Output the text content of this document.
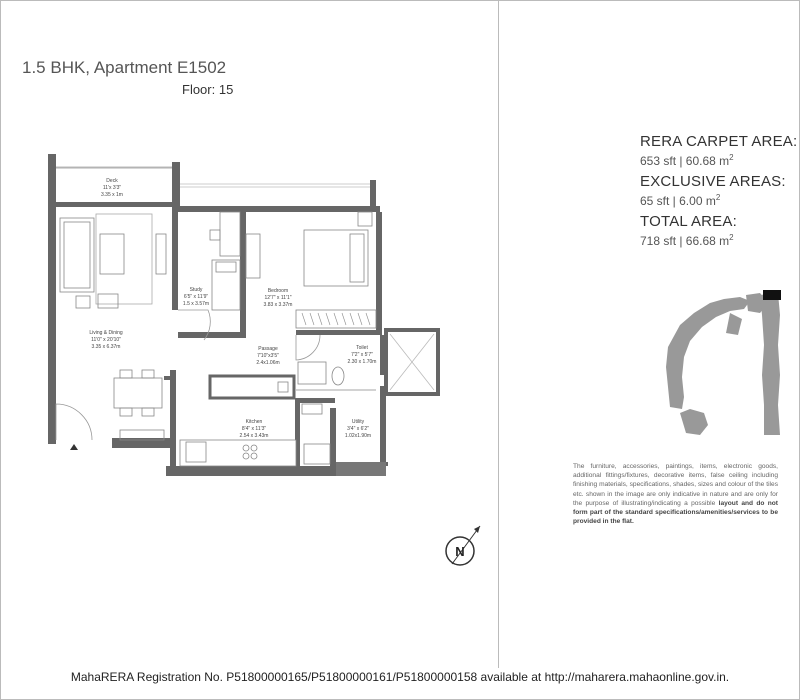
1.5 BHK, Apartment E1502
Floor: 15
Deck
11'x 3'3"
3.35 x 1m
Living & Dining
11'0" x 20'10"
3.35 x 6.37m
Study
6'5" x 11'9"
1.5 x 3.57m
Bedroom
12'7" x 11'1"
3.83 x 3.37m
Passage
7'10"x3'5"
2.4x1.06m
Toilet
7'2" x 5'7"
2.30 x 1.70m
Kitchen
8'4" x 11'3"
2.54 x 3.43m
Utility
3'4" x 6'2"
1.02x1.90m
N
RERA CARPET AREA:
653 sft | 60.68 $m^2$
EXCLUSIVE AREAS:
65 sft | 6.00 $m^2$
TOTAL AREA:
718 sft | 66.68 $m^2$
The furniture, accessories, paintings, items, electronic goods, additional fittings/fixtures, decorative items, false ceiling including finishing materials, specifications, shades, sizes and colour of the tiles etc. shown in the image are only indicative in nature and are only for the purpose of illustrating/indicating a possible layout and do not form part of the standard specifications/amenities/services to be provided in the flat.
MahaRERA Registration No. P51800000165/P51800000161/P51800000158 available at http://maharera.mahaonline.gov.in.
